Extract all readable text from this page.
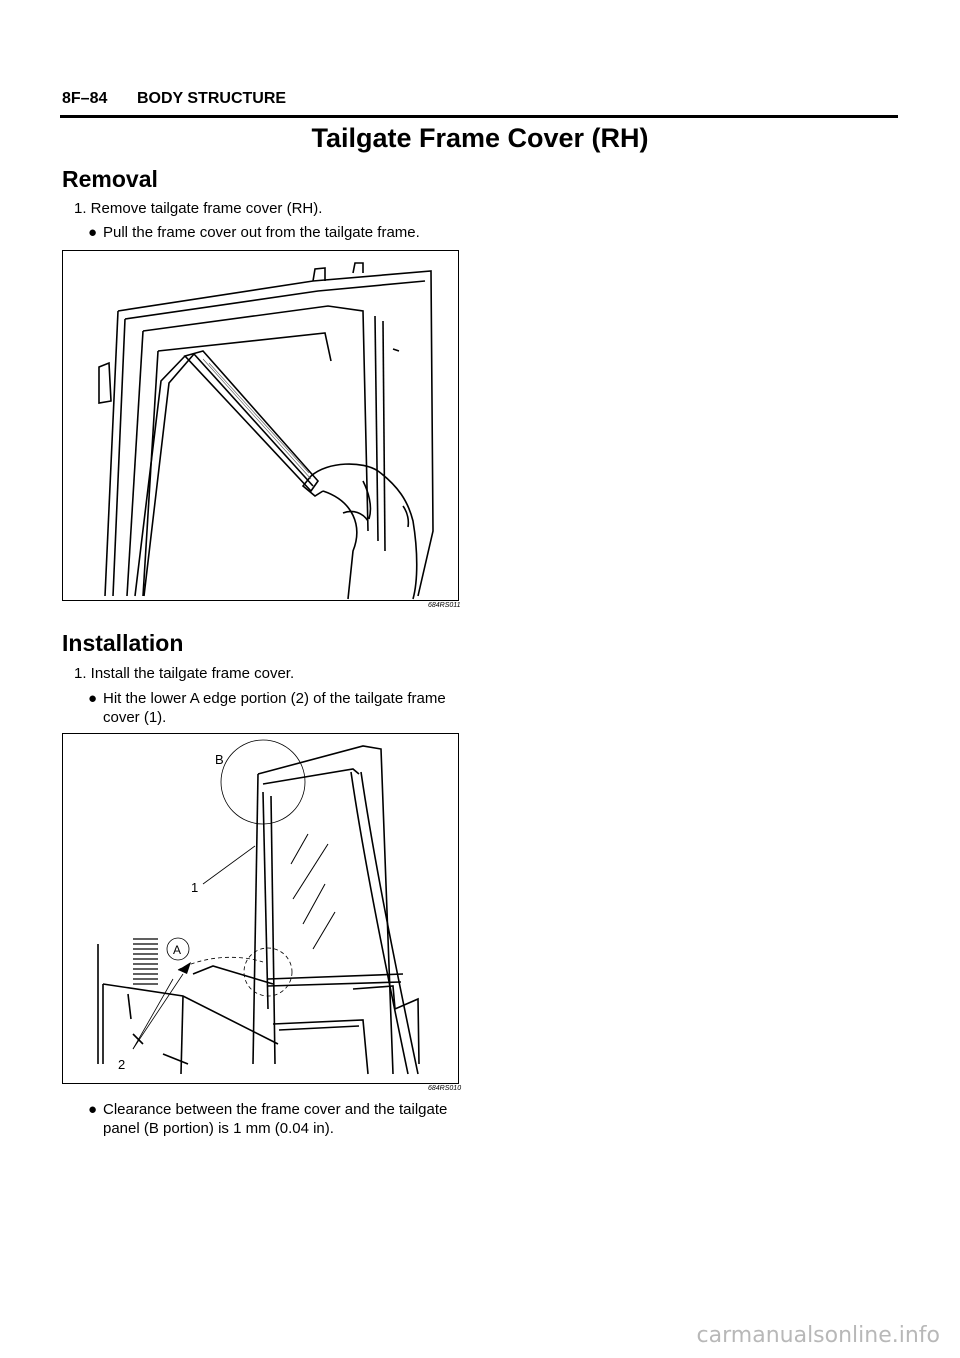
8F–84 BODY STRUCTURE
Tailgate Frame Cover (RH)
Removal
1. Remove tailgate frame cover (RH).
● Pull the frame cover out from the tailgate frame.
684RS011
Installation
1. Install the tailgate frame cover.
● Hit the lower A edge portion (2) of the tailgate frame cover (1).
B
1
A
2
684RS010
● Clearance between the frame cover and the tailgate panel (B portion) is 1 mm (0.04 in).
carmanualsonline.info
